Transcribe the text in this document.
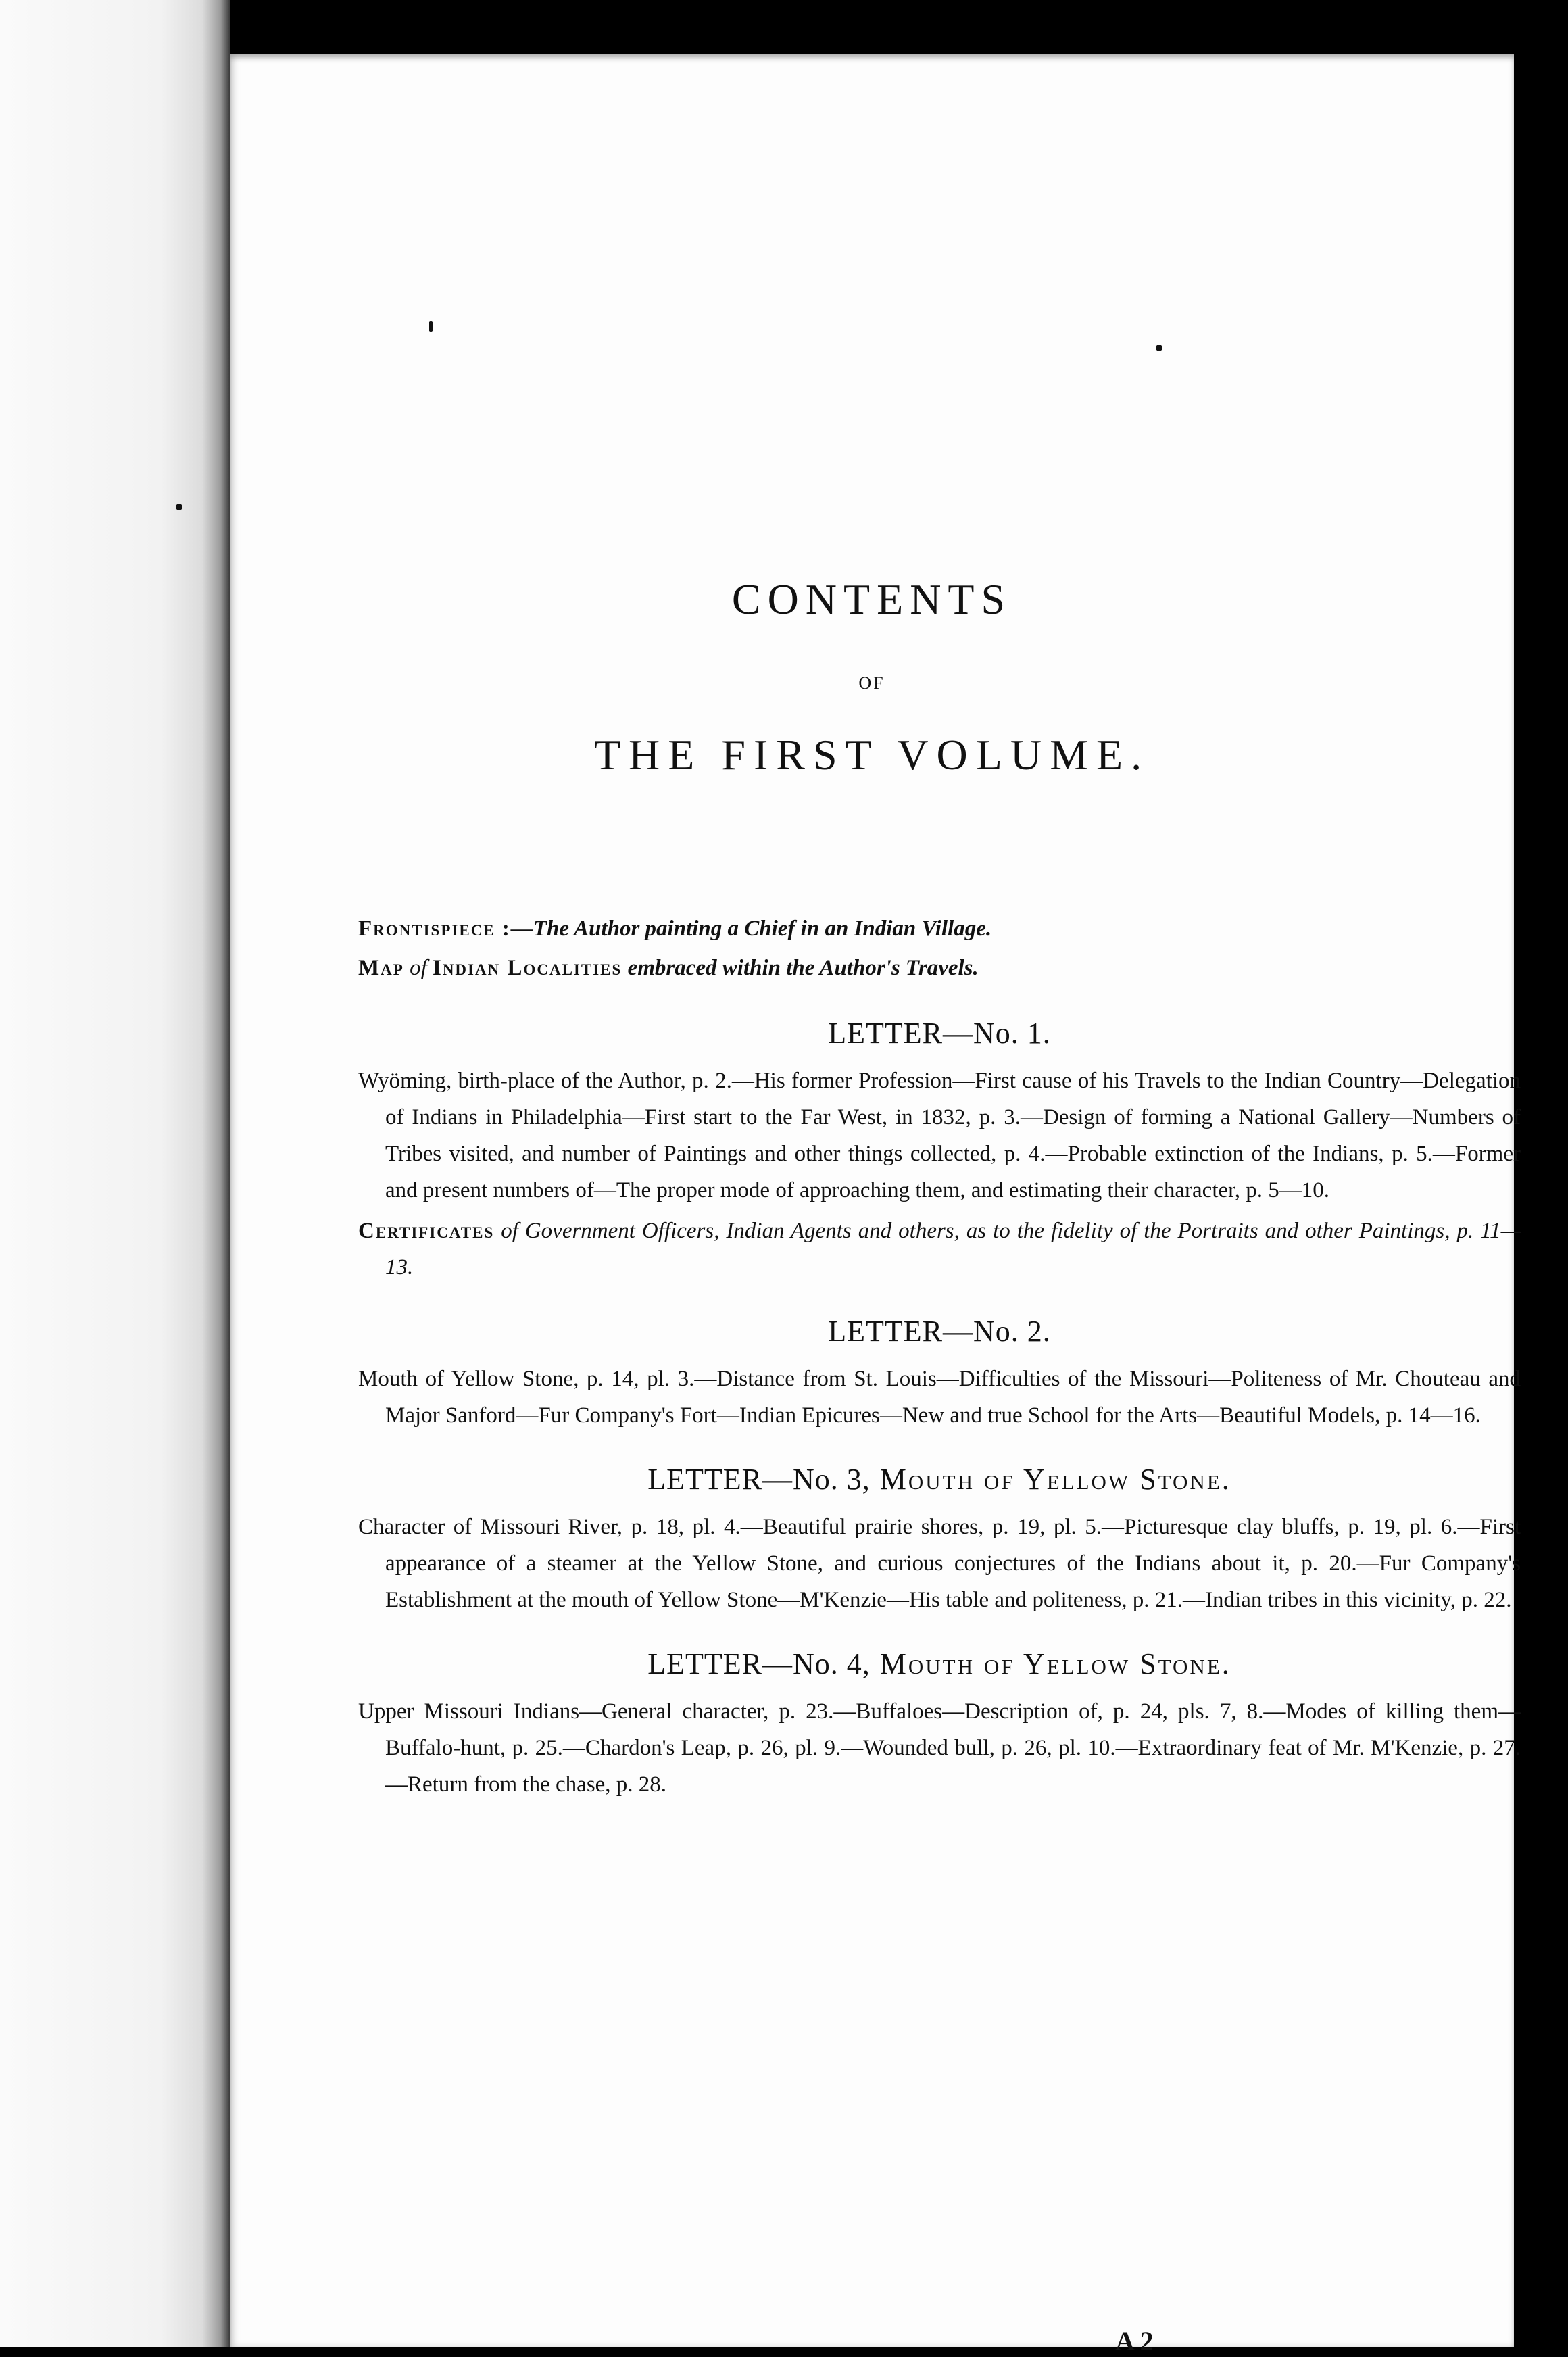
CONTENTS
OF
THE FIRST VOLUME.

Frontispiece :—The Author painting a Chief in an Indian Village.

Map of Indian Localities embraced within the Author's Travels.

LETTER—No. 1.

Wyöming, birth-place of the Author, p. 2.—His former Profession—First cause of his Travels to the Indian Country—Delegation of Indians in Philadelphia—First start to the Far West, in 1832, p. 3.—Design of forming a National Gallery—Numbers of Tribes visited, and number of Paintings and other things collected, p. 4.—Probable extinction of the Indians, p. 5.—Former and present numbers of—The proper mode of approaching them, and estimating their character, p. 5—10.

Certificates of Government Officers, Indian Agents and others, as to the fidelity of the Portraits and other Paintings, p. 11—13.

LETTER—No. 2.

Mouth of Yellow Stone, p. 14, pl. 3.—Distance from St. Louis—Difficulties of the Missouri—Politeness of Mr. Chouteau and Major Sanford—Fur Company's Fort—Indian Epicures—New and true School for the Arts—Beautiful Models, p. 14—16.

LETTER—No. 3, Mouth of Yellow Stone.

Character of Missouri River, p. 18, pl. 4.—Beautiful prairie shores, p. 19, pl. 5.—Picturesque clay bluffs, p. 19, pl. 6.—First appearance of a steamer at the Yellow Stone, and curious conjectures of the Indians about it, p. 20.—Fur Company's Establishment at the mouth of Yellow Stone—M'Kenzie—His table and politeness, p. 21.—Indian tribes in this vicinity, p. 22.

LETTER—No. 4, Mouth of Yellow Stone.

Upper Missouri Indians—General character, p. 23.—Buffaloes—Description of, p. 24, pls. 7, 8.—Modes of killing them—Buffalo-hunt, p. 25.—Chardon's Leap, p. 26, pl. 9.—Wounded bull, p. 26, pl. 10.—Extraordinary feat of Mr. M'Kenzie, p. 27.—Return from the chase, p. 28.

A 2
